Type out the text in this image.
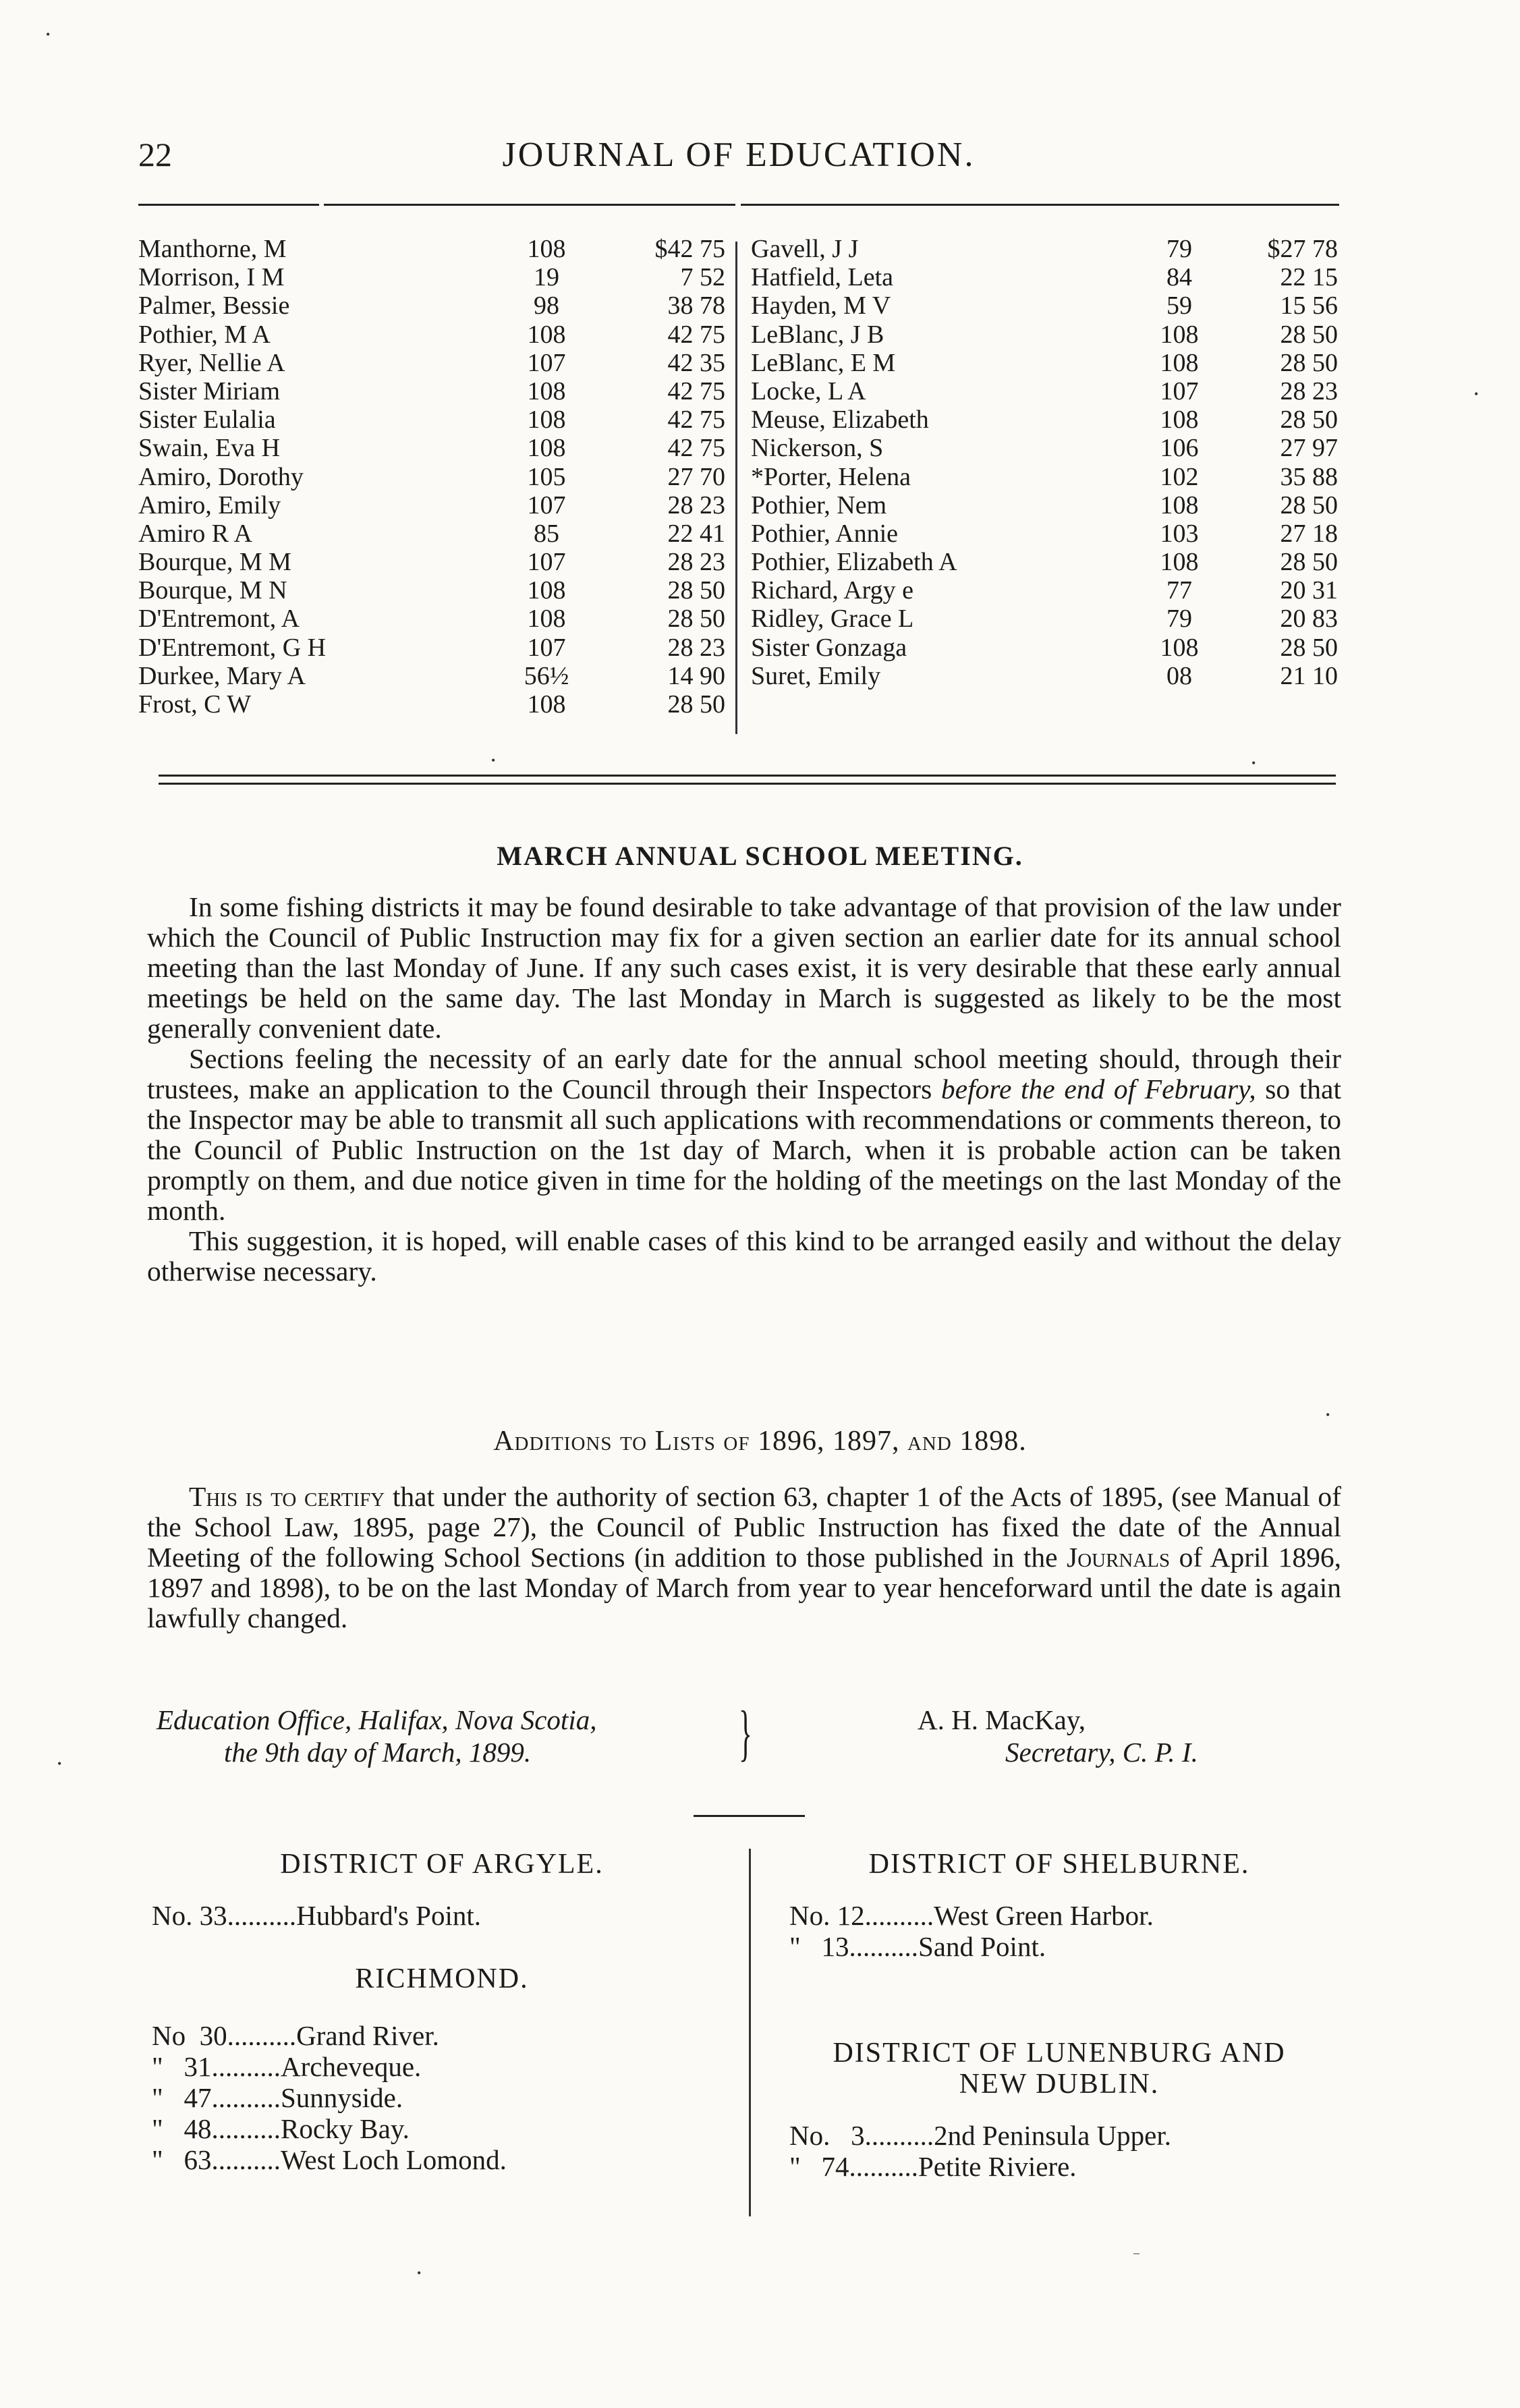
22	JOURNAL OF EDUCATION.
Manthorne, M	108	$42 75
Morrison, I M	19	7 52
Palmer, Bessie	98	38 78
Pothier, M A	108	42 75
Ryer, Nellie A	107	42 35
Sister Miriam	108	42 75
Sister Eulalia	108	42 75
Swain, Eva H	108	42 75
Amiro, Dorothy	105	27 70
Amiro, Emily	107	28 23
Amiro R A	85	22 41
Bourque, M M	107	28 23
Bourque, M N	108	28 50
D'Entremont, A	108	28 50
D'Entremont, G H	107	28 23
Durkee, Mary A	56½	14 90
Frost, C W	108	28 50
Gavell, J J	79	$27 78
Hatfield, Leta	84	22 15
Hayden, M V	59	15 56
LeBlanc, J B	108	28 50
LeBlanc, E M	108	28 50
Locke, L A	107	28 23
Meuse, Elizabeth	108	28 50
Nickerson, S	106	27 97
*Porter, Helena	102	35 88
Pothier, Nem	108	28 50
Pothier, Annie	103	27 18
Pothier, Elizabeth A	108	28 50
Richard, Argy e	77	20 31
Ridley, Grace L	79	20 83
Sister Gonzaga	108	28 50
Suret, Emily	08	21 10
MARCH ANNUAL SCHOOL MEETING.

In some fishing districts it may be found desirable to take advantage of that provision of the law under which the Council of Public Instruction may fix for a given section an earlier date for its annual school meeting than the last Monday of June. If any such cases exist, it is very desirable that these early annual meetings be held on the same day. The last Monday in March is suggested as likely to be the most generally convenient date.

Sections feeling the necessity of an early date for the annual school meeting should, through their trustees, make an application to the Council through their Inspectors before the end of February, so that the Inspector may be able to transmit all such applications with recommendations or comments thereon, to the Council of Public Instruction on the 1st day of March, when it is probable action can be taken promptly on them, and due notice given in time for the holding of the meetings on the last Monday of the month.

This suggestion, it is hoped, will enable cases of this kind to be arranged easily and without the delay otherwise necessary.

Additions to Lists of 1896, 1897, and 1898.

This is to certify that under the authority of section 63, chapter 1 of the Acts of 1895, (see Manual of the School Law, 1895, page 27), the Council of Public Instruction has fixed the date of the Annual Meeting of the following School Sections (in addition to those published in the Journals of April 1896, 1897 and 1898), to be on the last Monday of March from year to year henceforward until the date is again lawfully changed.

Education Office, Halifax, Nova Scotia,
the 9th day of March, 1899.	}	A. H. MacKay,
Secretary, C. P. I.
DISTRICT OF ARGYLE.
No. 33..........Hubbard's Point.
RICHMOND.
No  30..........Grand River.
"   31..........Archeveque.
"   47..........Sunnyside.
"   48..........Rocky Bay.
"   63..........West Loch Lomond.
DISTRICT OF SHELBURNE.
No. 12..........West Green Harbor.
"   13..........Sand Point.
DISTRICT OF LUNENBURG AND
NEW DUBLIN.
No.   3..........2nd Peninsula Upper.
"   74..........Petite Riviere.
•
•
•
•
•
•
•
–
